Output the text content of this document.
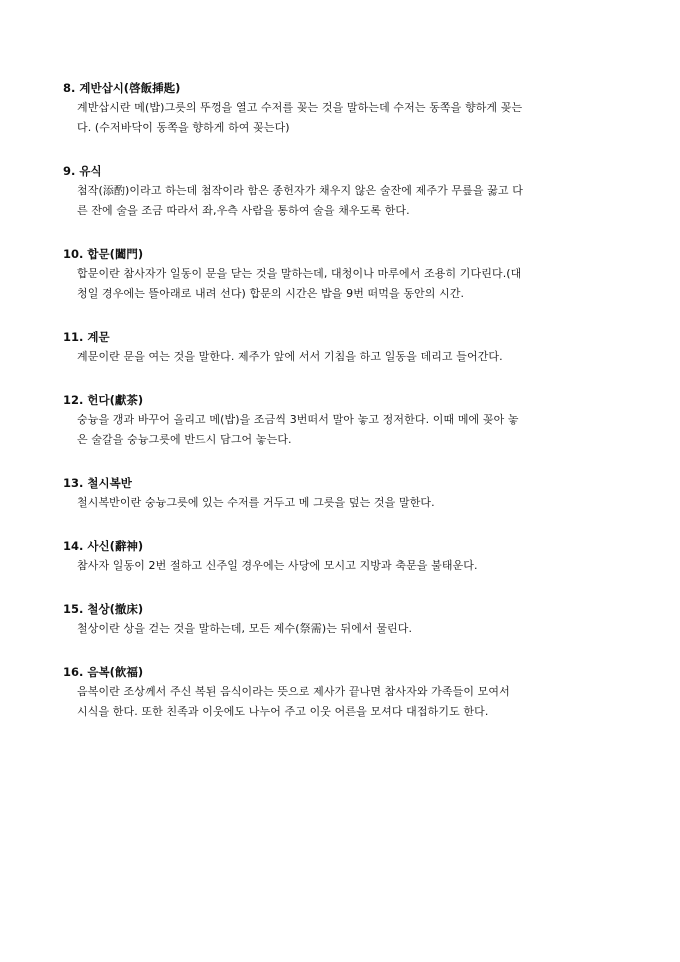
8. 계반삽시(啓飯揷匙)
계반삽시란 메(밥)그릇의 뚜껑을 열고 수저를 꽂는 것을 말하는데 수저는 동쪽을 향하게 꽂는
다. (수저바닥이 동쪽을 향하게 하여 꽂는다)
9. 유식
첨작(添酌)이라고 하는데 첨작이라 함은 종헌자가 채우지 않은 술잔에 제주가 무릎을 꿇고 다
른 잔에 술을 조금 따라서 좌,우측 사람을 통하여 술을 채우도록 한다.
10. 합문(闔門)
합문이란 참사자가 일동이 문을 닫는 것을 말하는데, 대청이나 마루에서 조용히 기다린다.(대
청일 경우에는 뜰아래로 내려 선다) 합문의 시간은 밥을 9번 떠먹을 동안의 시간.
11. 계문
계문이란 문을 여는 것을 말한다. 제주가 앞에 서서 기침을 하고 일동을 데리고 들어간다.
12. 헌다(獻茶)
숭늉을 갱과 바꾸어 올리고 메(밥)을 조금씩 3번떠서 말아 놓고 정저한다. 이때 메에 꽂아 놓
은 술갈을 숭늉그릇에 반드시 담그어 놓는다.
13. 철시복반
철시복반이란 숭늉그릇에 있는 수저를 거두고 메 그릇을 덮는 것을 말한다.
14. 사신(辭神)
참사자 일동이 2번 절하고 신주일 경우에는 사당에 모시고 지방과 축문을 불태운다.
15. 철상(撤床)
철상이란 상을 걷는 것을 말하는데, 모든 제수(祭需)는 뒤에서 물린다.
16. 음복(飮福)
음복이란 조상께서 주신 복된 음식이라는 뜻으로 제사가 끝나면 참사자와 가족들이 모여서
시식을 한다. 또한 친족과 이웃에도 나누어 주고 이웃 어른을 모셔다 대접하기도 한다.
